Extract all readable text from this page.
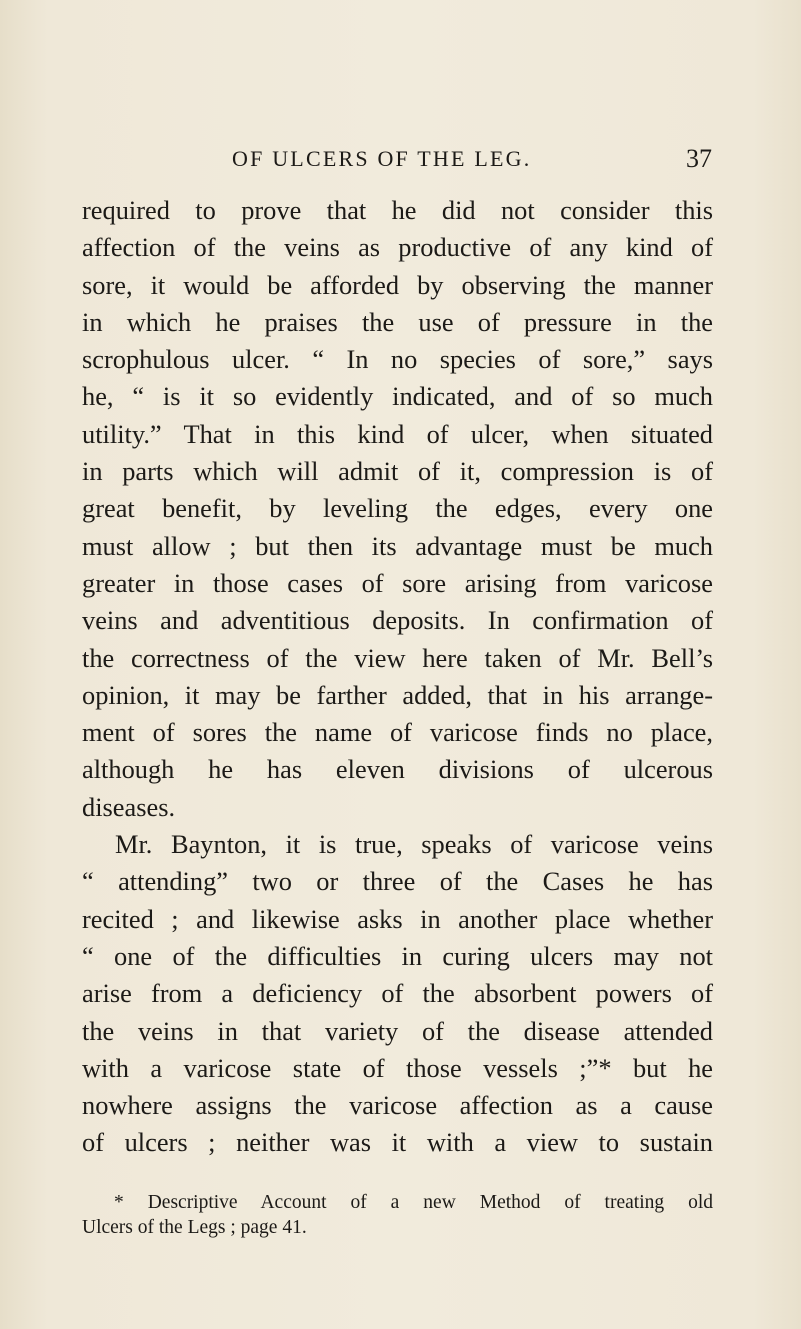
OF ULCERS OF THE LEG.	37
required to prove that he did not consider this
affection of the veins as productive of any kind of
sore, it would be afforded by observing the manner
in which he praises the use of pressure in the
scrophulous ulcer. “ In no species of sore,” says
he, “ is it so evidently indicated, and of so much
utility.” That in this kind of ulcer, when situated
in parts which will admit of it, compression is of
great benefit, by leveling the edges, every one
must allow ; but then its advantage must be much
greater in those cases of sore arising from varicose
veins and adventitious deposits. In confirmation of
the correctness of the view here taken of Mr. Bell’s
opinion, it may be farther added, that in his arrange-
ment of sores the name of varicose finds no place,
although he has eleven divisions of ulcerous
diseases.
Mr. Baynton, it is true, speaks of varicose veins
“ attending” two or three of the Cases he has
recited ; and likewise asks in another place whether
“ one of the difficulties in curing ulcers may not
arise from a deficiency of the absorbent powers of
the veins in that variety of the disease attended
with a varicose state of those vessels ;”* but he
nowhere assigns the varicose affection as a cause
of ulcers ; neither was it with a view to sustain
* Descriptive Account of a new Method of treating old
Ulcers of the Legs ; page 41.
